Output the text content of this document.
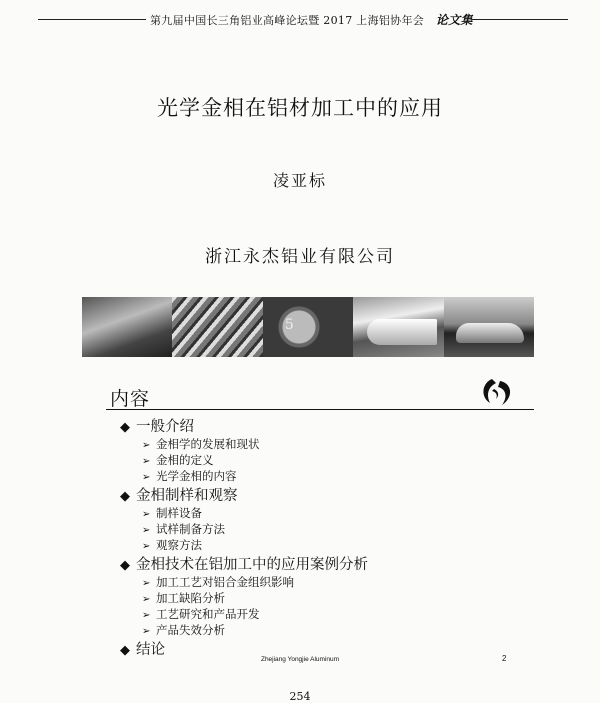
第九届中国长三角铝业高峰论坛暨 2017 上海铝协年会 论文集
光学金相在铝材加工中的应用
凌亚标
浙江永杰铝业有限公司
5
内容
◆ 一般介绍
➢ 金相学的发展和现状
➢ 金相的定义
➢ 光学金相的内容
◆ 金相制样和观察
➢ 制样设备
➢ 试样制备方法
➢ 观察方法
◆ 金相技术在铝加工中的应用案例分析
➢ 加工工艺对铝合金组织影响
➢ 加工缺陷分析
➢ 工艺研究和产品开发
➢ 产品失效分析
◆ 结论
Zhejiang Yongjie Aluminum	2
254
